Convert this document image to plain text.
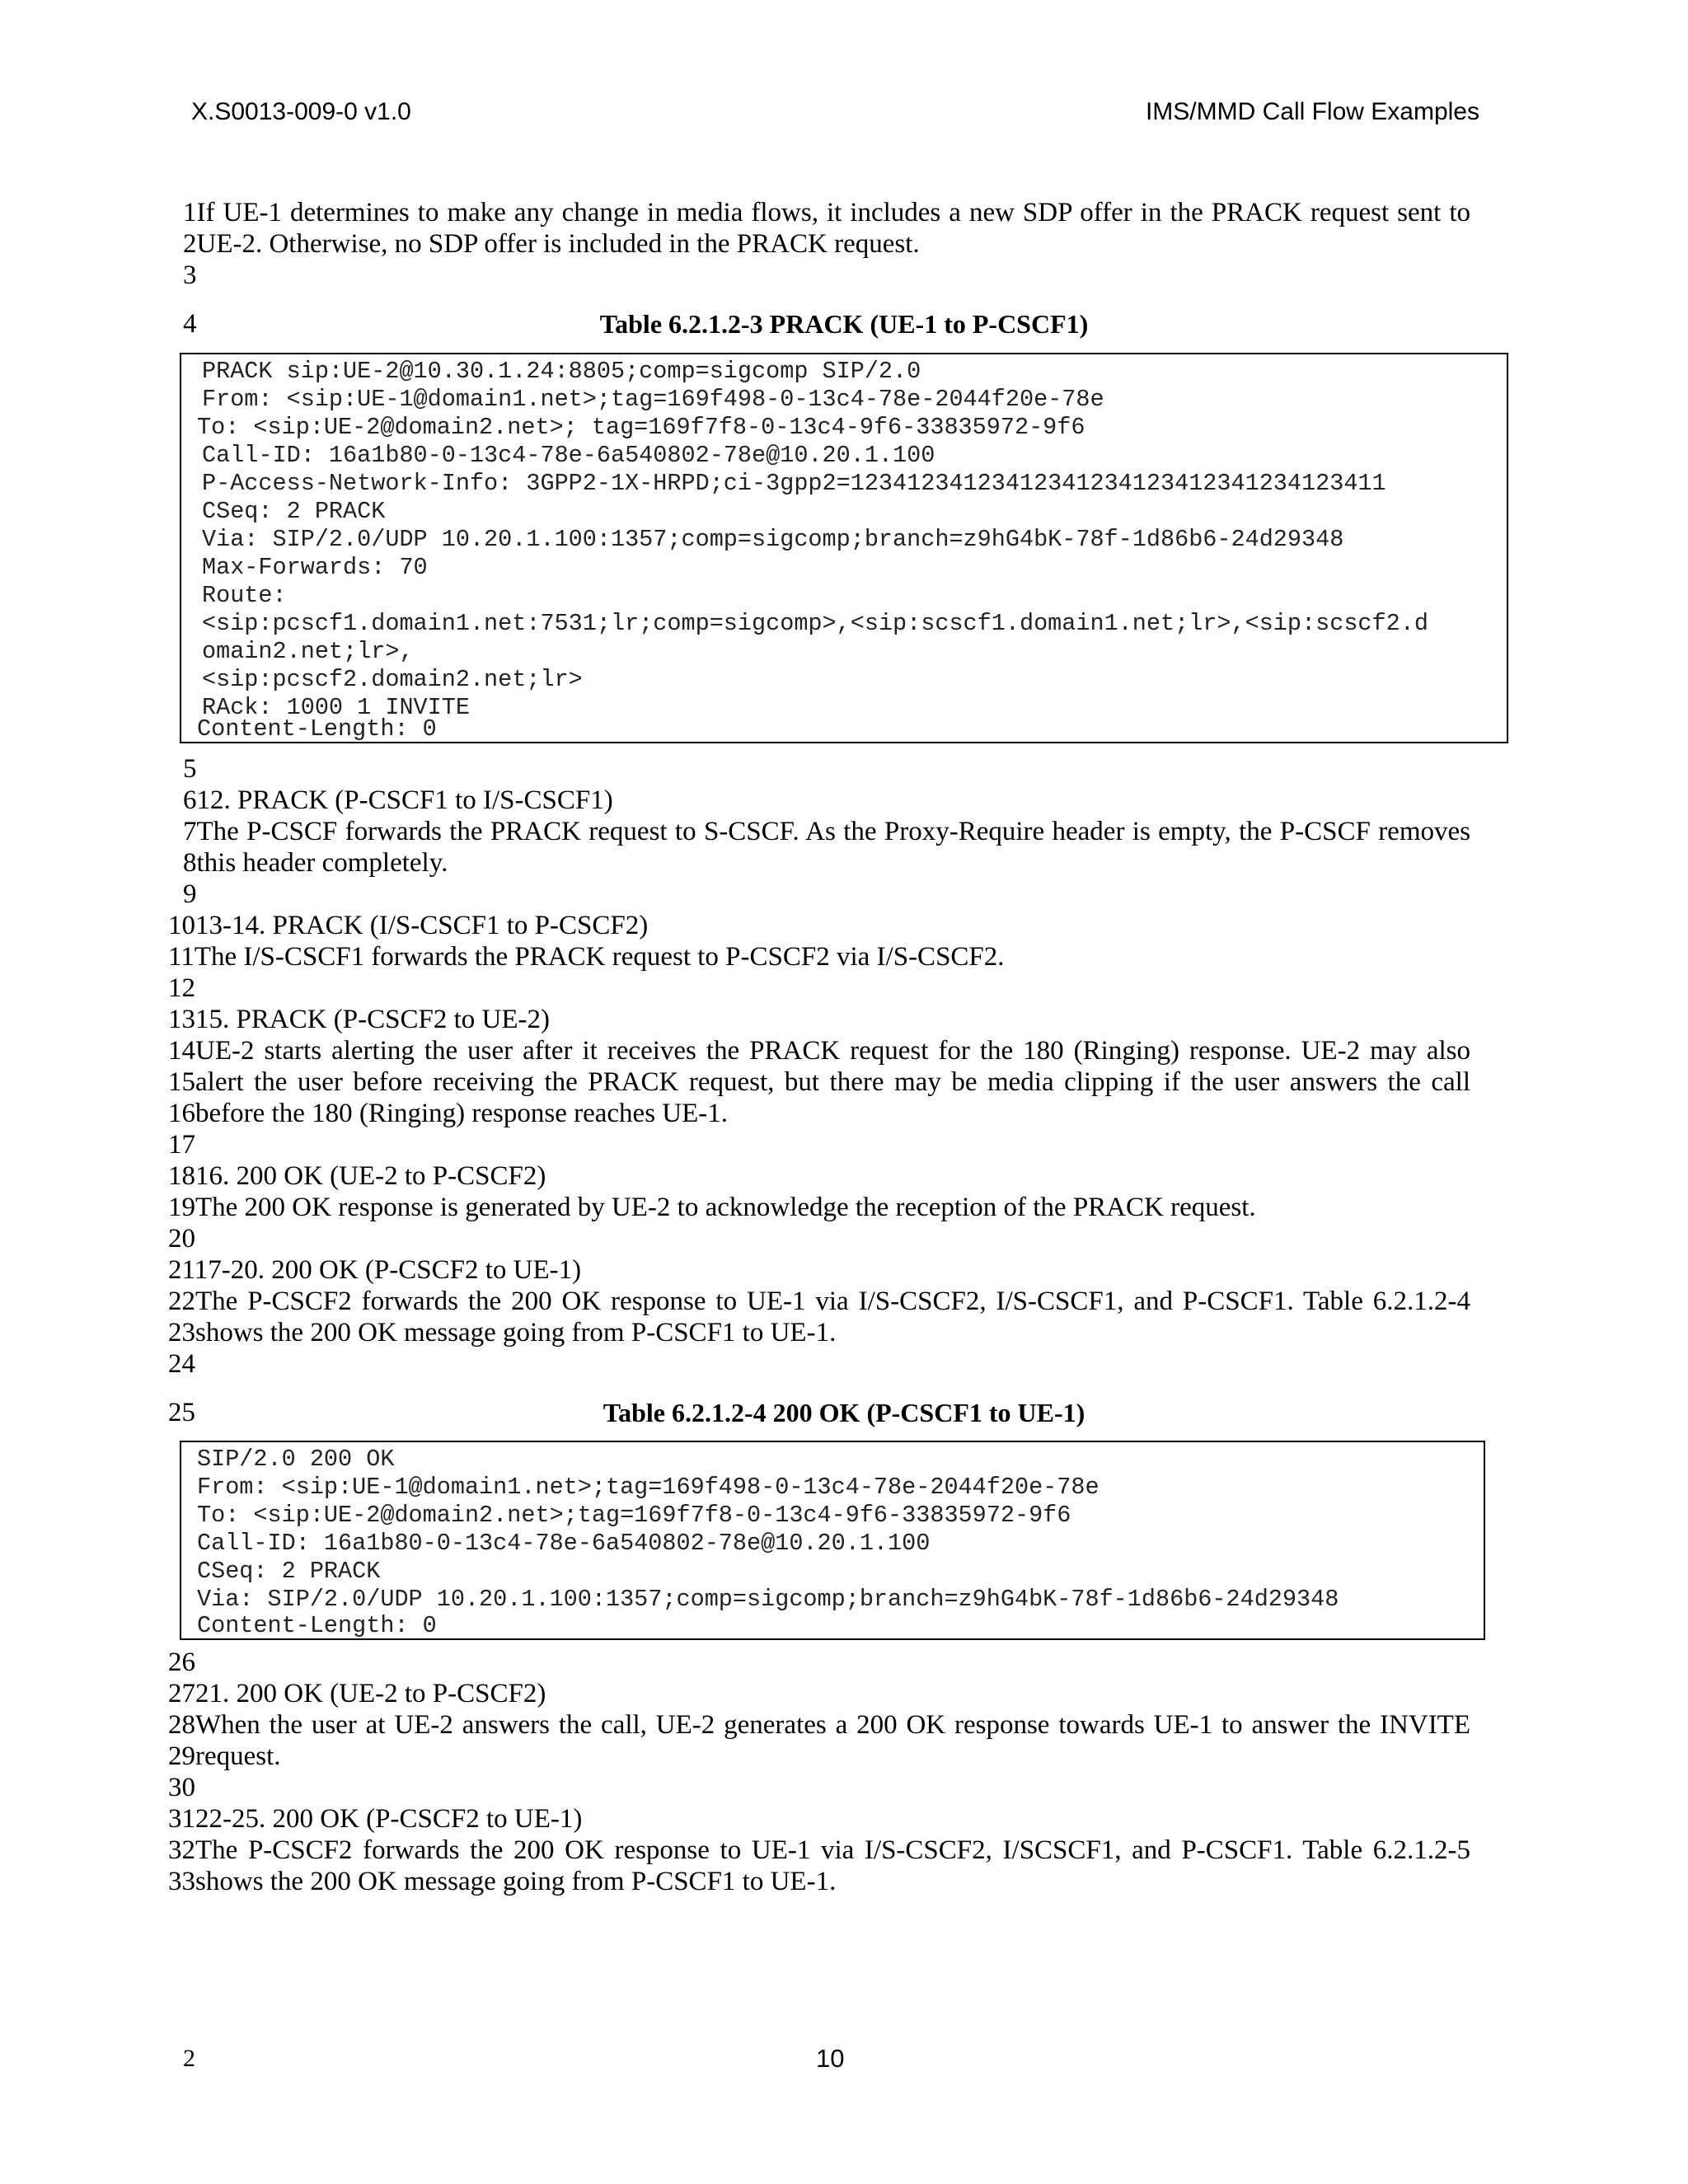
X.S0013-009-0 v1.0	IMS/MMD Call Flow Examples
1If UE-1 determines to make any change in media flows, it includes a new SDP offer in the PRACK request sent to
2UE-2. Otherwise, no SDP offer is included in the PRACK request.
3
4
5
612. PRACK (P-CSCF1 to I/S-CSCF1)
7The P-CSCF forwards the PRACK request to S-CSCF. As the Proxy-Require header is empty, the P-CSCF removes
8this header completely.
9
1013-14. PRACK (I/S-CSCF1 to P-CSCF2)
11The I/S-CSCF1 forwards the PRACK request to P-CSCF2 via I/S-CSCF2.
12
1315. PRACK (P-CSCF2 to UE-2)
14UE-2 starts alerting the user after it receives the PRACK request for the 180 (Ringing) response. UE-2 may also
15alert the user before receiving the PRACK request, but there may be media clipping if the user answers the call
16before the 180 (Ringing) response reaches UE-1.
17
1816. 200 OK (UE-2 to P-CSCF2)
19The 200 OK response is generated by UE-2 to acknowledge the reception of the PRACK request.
20
2117-20. 200 OK (P-CSCF2 to UE-1)
22The P-CSCF2 forwards the 200 OK response to UE-1 via I/S-CSCF2, I/S-CSCF1, and P-CSCF1. Table 6.2.1.2-4
23shows the 200 OK message going from P-CSCF1 to UE-1.
24
25
26
2721. 200 OK (UE-2 to P-CSCF2)
28When the user at UE-2 answers the call, UE-2 generates a 200 OK response towards UE-1 to answer the INVITE
29request.
30
3122-25. 200 OK (P-CSCF2 to UE-1)
32The P-CSCF2 forwards the 200 OK response to UE-1 via I/S-CSCF2, I/SCSCF1, and P-CSCF1. Table 6.2.1.2-5
33shows the 200 OK message going from P-CSCF1 to UE-1.
Table 6.2.1.2-3 PRACK (UE-1 to P-CSCF1)
PRACK sip:UE-2@10.30.1.24:8805;comp=sigcomp SIP/2.0
From: <sip:UE-1@domain1.net>;tag=169f498-0-13c4-78e-2044f20e-78e
To: <sip:UE-2@domain2.net>; tag=169f7f8-0-13c4-9f6-33835972-9f6
Call-ID: 16a1b80-0-13c4-78e-6a540802-78e@10.20.1.100
P-Access-Network-Info: 3GPP2-1X-HRPD;ci-3gpp2=12341234123412341234123412341234123411
CSeq: 2 PRACK
Via: SIP/2.0/UDP 10.20.1.100:1357;comp=sigcomp;branch=z9hG4bK-78f-1d86b6-24d29348
Max-Forwards: 70
Route:
<sip:pcscf1.domain1.net:7531;lr;comp=sigcomp>,<sip:scscf1.domain1.net;lr>,<sip:scscf2.d
omain2.net;lr>,
<sip:pcscf2.domain2.net;lr>
RAck: 1000 1 INVITE
Content-Length: 0
Table 6.2.1.2-4 200 OK (P-CSCF1 to UE-1)
SIP/2.0 200 OK
From: <sip:UE-1@domain1.net>;tag=169f498-0-13c4-78e-2044f20e-78e
To: <sip:UE-2@domain2.net>;tag=169f7f8-0-13c4-9f6-33835972-9f6
Call-ID: 16a1b80-0-13c4-78e-6a540802-78e@10.20.1.100
CSeq: 2 PRACK
Via: SIP/2.0/UDP 10.20.1.100:1357;comp=sigcomp;branch=z9hG4bK-78f-1d86b6-24d29348
Content-Length: 0
2	10
